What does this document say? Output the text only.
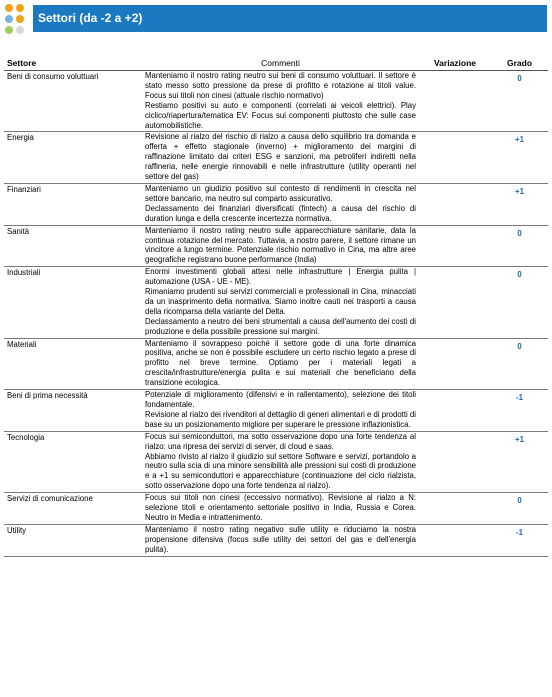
Settori (da -2 a +2)
Settore	Commenti	Variazione	Grado
Beni di consumo voluttuari	Manteniamo il nostro rating neutro sui beni di consumo voluttuari. Il settore è stato messo sotto pressione da prese di profitto e rotazione ai titoli value. Focus sui titoli non cinesi (attuale rischio normativo)

Restiamo positivi su auto e componenti (correlati ai veicoli elettrici). Play ciclico/riapertura/tematica EV: Focus sui componenti piuttosto che sulle case automobilistiche.		0
Energia	Revisione al rialzo del rischio di rialzo a causa dello squilibrio tra domanda e offerta + effetto stagionale (inverno) + miglioramento dei margini di raffinazione limitato dai criteri ESG e sanzioni, ma petroliferi indiretti nella raffineria, nelle energie rinnovabili e nelle infrastrutture (utility operanti nel settore del gas)		+1
Finanziari	Manteniamo un giudizio positivo sul contesto di rendimenti in crescita nel settore bancario, ma neutro sul comparto assicurativo.

Declassamento dei finanziari diversificati (fintech) a causa del rischio di duration lunga e della crescente incertezza normativa.		+1
Sanità	Manteniamo il nostro rating neutro sulle apparecchiature sanitarie, data la continua rotazione del mercato. Tuttavia, a nostro parere, il settore rimane un vincitore a lungo termine. Potenziale rischio normativo in Cina, ma altre aree geografiche registrano buone performance (India)		0
Industriali	Enormi investimenti globali attesi nelle infrastrutture | Energia pulita | automazione (USA - UE - ME).

Rimaniamo prudenti sui servizi commerciali e professionali in Cina, minacciati da un inasprimento della normativa. Siamo inoltre cauti nei trasporti a causa della ricomparsa della variante del Delta.

Declassamento a neutro dei beni strumentali a causa dell'aumento dei costi di produzione e della possibile pressione sui margini.		0
Materiali	Manteniamo il sovrappeso poiché il settore gode di una forte dinamica positiva, anche se non è possibile escludere un certo rischio legato a prese di profitto nel breve termine. Optiamo per i materiali legati a crescita/infrastrutture/energia pulita e sui materiali che beneficiano della transizione ecologica.		0
Beni di prima necessità	Potenziale di miglioramento (difensivi e in rallentamento), selezione dei titoli fondamentale.

Revisione al rialzo dei rivenditori al dettaglio di generi alimentari e di prodotti di base su un posizionamento migliore per superare le pressione inflazionistica.		-1
Tecnologia	Focus sui semiconduttori, ma sotto osservazione dopo una forte tendenza al rialzo: una ripresa dei servizi di server, di cloud e saas.

Abbiamo rivisto al rialzo il giudizio sul settore Software e servizi, portandolo a neutro sulla scia di una minore sensibilità alle pressioni sui costi di produzione e a +1 su semiconduttori e apparecchiature (continuazione del ciclo rialzista, sotto osservazione dopo una forte tendenza al rialzo).		+1
Servizi di comunicazione	Focus sui titoli non cinesi (eccessivo normativo). Revisione al rialzo a N: selezione titoli e orientamento settoriale positivo in India, Russia e Corea. Neutro in Media e intrattenimento.		0
Utility	Manteniamo il nostro rating negativo sulle utility e riduciamo la nostra propensione difensiva (focus sulle utility dei settori del gas e dell'energia pulita).		-1
